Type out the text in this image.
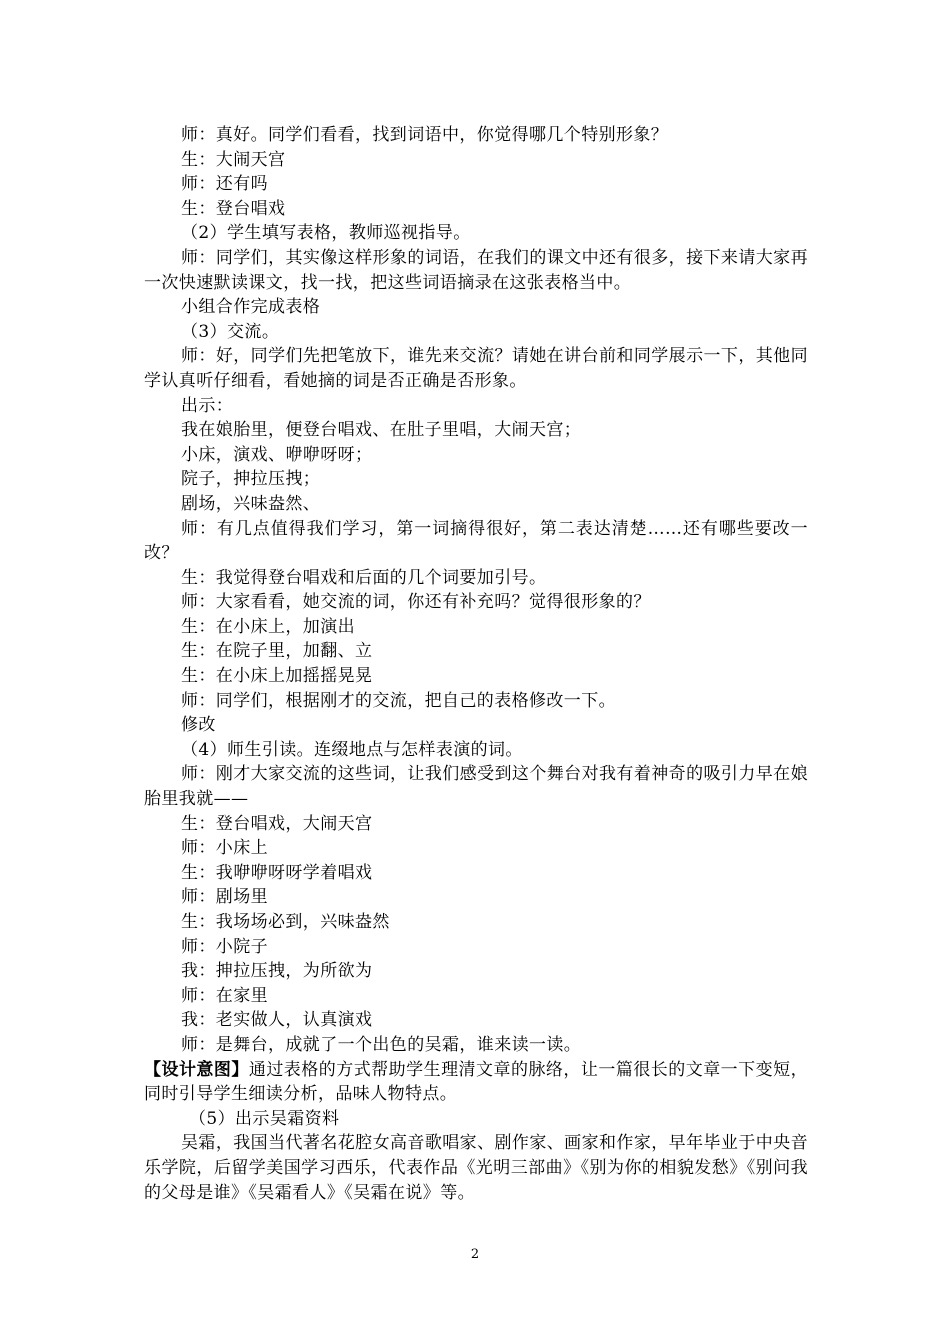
师：真好。同学们看看，找到词语中，你觉得哪几个特别形象？

生：大闹天宫

师：还有吗

生：登台唱戏

（2）学生填写表格，教师巡视指导。

师：同学们，其实像这样形象的词语，在我们的课文中还有很多，接下来请大家再一次快速默读课文，找一找，把这些词语摘录在这张表格当中。

小组合作完成表格

（3）交流。

师：好，同学们先把笔放下，谁先来交流？请她在讲台前和同学展示一下，其他同学认真听仔细看，看她摘的词是否正确是否形象。

出示：

我在娘胎里，便登台唱戏、在肚子里唱，大闹天宫；

小床，演戏、咿咿呀呀；

院子，抻拉压拽；

剧场，兴味盎然、

师：有几点值得我们学习，第一词摘得很好，第二表达清楚……还有哪些要改一改？

生：我觉得登台唱戏和后面的几个词要加引号。

师：大家看看，她交流的词，你还有补充吗？觉得很形象的？

生：在小床上，加演出

生：在院子里，加翻、立

生：在小床上加摇摇晃晃

师：同学们，根据刚才的交流，把自己的表格修改一下。

修改

（4）师生引读。连缀地点与怎样表演的词。

师：刚才大家交流的这些词，让我们感受到这个舞台对我有着神奇的吸引力早在娘胎里我就——

生：登台唱戏，大闹天宫

师：小床上

生：我咿咿呀呀学着唱戏

师：剧场里

生：我场场必到，兴味盎然

师：小院子

我：抻拉压拽，为所欲为

师：在家里

我：老实做人，认真演戏

师：是舞台，成就了一个出色的吴霜，谁来读一读。

【设计意图】通过表格的方式帮助学生理清文章的脉络，让一篇很长的文章一下变短，同时引导学生细读分析，品味人物特点。

（5）出示吴霜资料

吴霜，我国当代著名花腔女高音歌唱家、剧作家、画家和作家，早年毕业于中央音乐学院，后留学美国学习西乐，代表作品《光明三部曲》《别为你的相貌发愁》《别问我的父母是谁》《吴霜看人》《吴霜在说》等。

2
